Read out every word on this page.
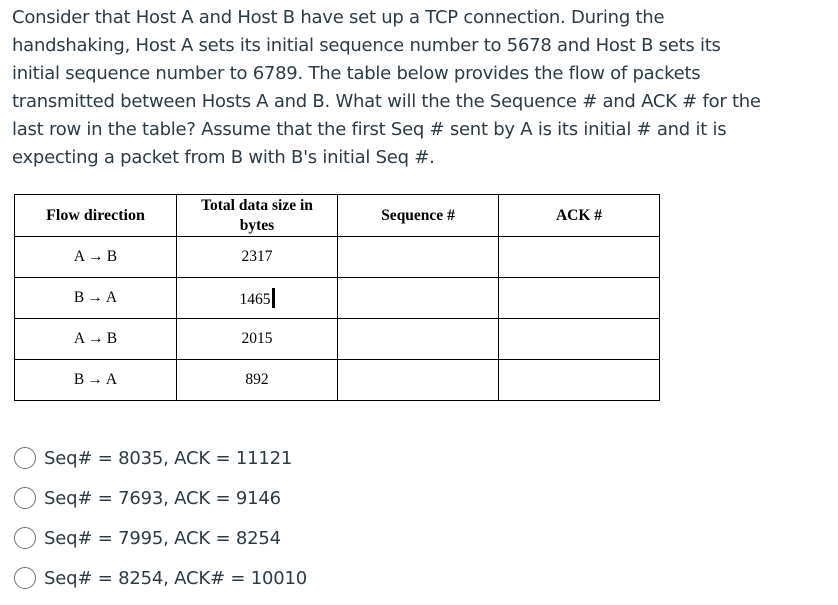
Consider that Host A and Host B have set up a TCP connection. During the

handshaking, Host A sets its initial sequence number to 5678 and Host B sets its

initial sequence number to 6789. The table below provides the flow of packets

transmitted between Hosts A and B. What will the the Sequence # and ACK # for the

last row in the table? Assume that the first Seq # sent by A is its initial # and it is

expecting a packet from B with B's initial Seq #.

Flow direction	Total data size in
bytes	Sequence #	ACK #
A → B	2317		
B → A	1465		
A → B	2015		
B → A	892		
Seq# = 8035, ACK = 11121
Seq# = 7693, ACK = 9146
Seq# = 7995, ACK = 8254
Seq# = 8254, ACK# = 10010
